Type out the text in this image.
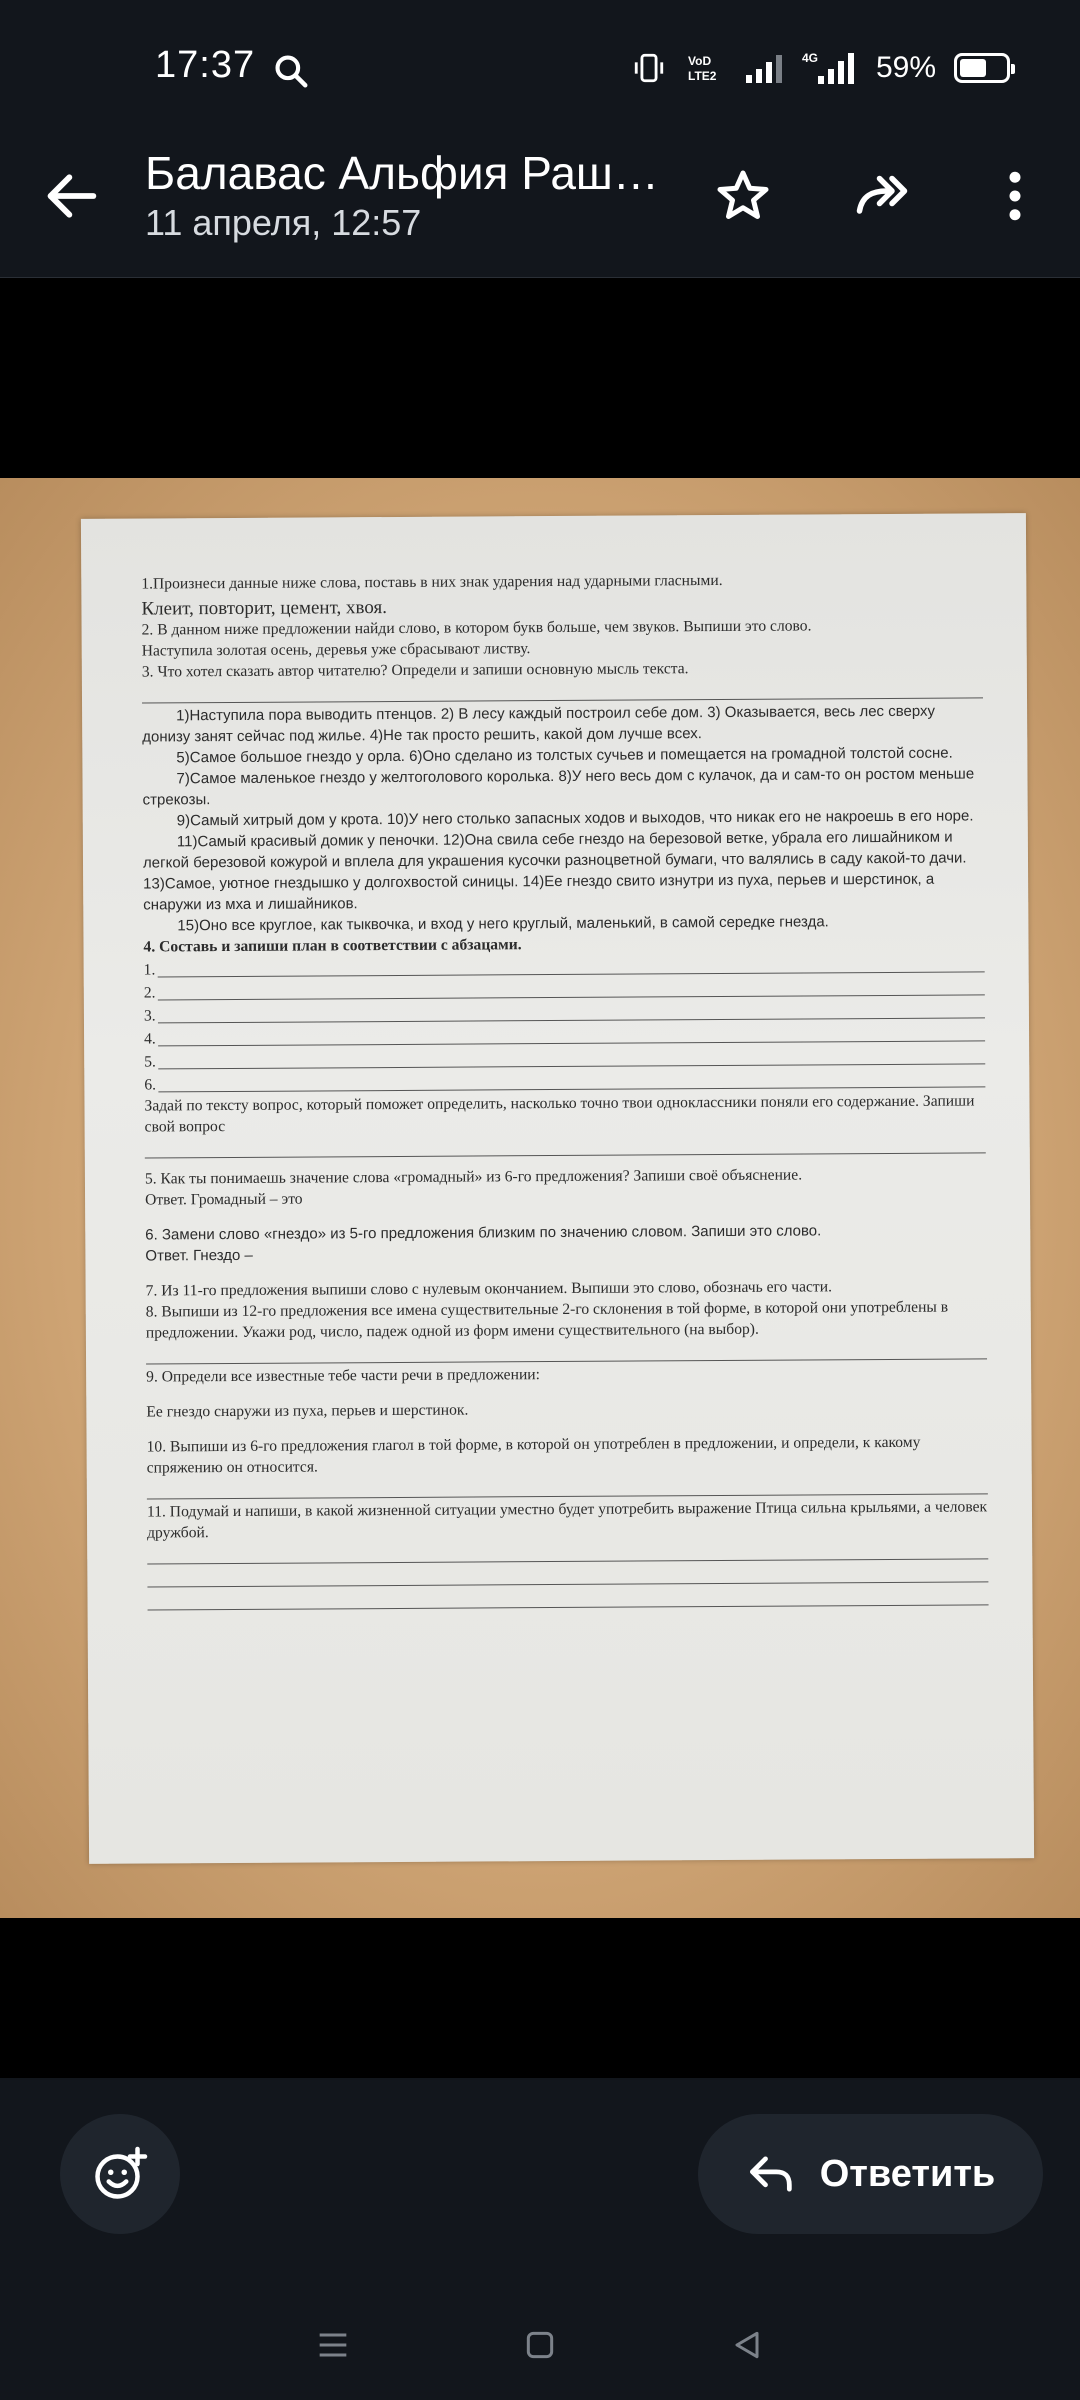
17:37	VoD
LTE2
4G 59%
Балавас Альфия Раш…
11 апреля, 12:57

1.Произнеси данные ниже слова, поставь в них знак ударения над ударными гласными.

Клеит, повторит, цемент, хвоя.

2. В данном ниже предложении найди слово, в котором букв больше, чем звуков. Выпиши это слово.

Наступила золотая осень, деревья уже сбрасывают листву.

3. Что хотел сказать автор читателю? Определи и запиши основную мысль текста.

1)Наступила пора выводить птенцов. 2) В лесу каждый построил себе дом. 3) Оказывается, весь лес сверху донизу занят сейчас под жилье. 4)Не так просто решить, какой дом лучше всех.

5)Самое большое гнездо у орла. 6)Оно сделано из толстых сучьев и помещается на громадной толстой сосне.

7)Самое маленькое гнездо у желтоголового королька. 8)У него весь дом с кулачок, да и сам-то он ростом меньше стрекозы.

9)Самый хитрый дом у крота. 10)У него столько запасных ходов и выходов, что никак его не накроешь в его норе.

11)Самый красивый домик у пеночки. 12)Она свила себе гнездо на березовой ветке, убрала его лишайником и легкой березовой кожурой и вплела для украшения кусочки разноцветной бумаги, что валялись в саду какой-то дачи. 13)Самое, уютное гнездышко у долгохвостой синицы. 14)Ее гнездо свито изнутри из пуха, перьев и шерстинок, а снаружи из мха и лишайников.

15)Оно все круглое, как тыквочка, и вход у него круглый, маленький, в самой середке гнезда.

4. Составь и запиши план в соответствии с абзацами.

1.
2.
3.
4.
5.
6.

Задай по тексту вопрос, который поможет определить, насколько точно твои одноклассники поняли его содержание. Запиши свой вопрос

5. Как ты понимаешь значение слова «громадный» из 6-го предложения? Запиши своё объяснение.

Ответ. Громадный – это

6. Замени слово «гнездо» из 5-го предложения близким по значению словом. Запиши это слово.

Ответ. Гнездо –

7. Из 11-го предложения выпиши слово с нулевым окончанием. Выпиши это слово, обозначь его части.

8. Выпиши из 12-го предложения все имена существительные 2-го склонения в той форме, в которой они употреблены в предложении. Укажи род, число, падеж одной из форм имени существительного (на выбор).

9. Определи все известные тебе части речи в предложении:

Ее гнездо снаружи из пуха, перьев и шерстинок.

10. Выпиши из 6-го предложения глагол в той форме, в которой он употреблен в предложении, и определи, к какому спряжению он относится.

11. Подумай и напиши, в какой жизненной ситуации уместно будет употребить выражение Птица сильна крыльями, а человек дружбой.

Ответить
